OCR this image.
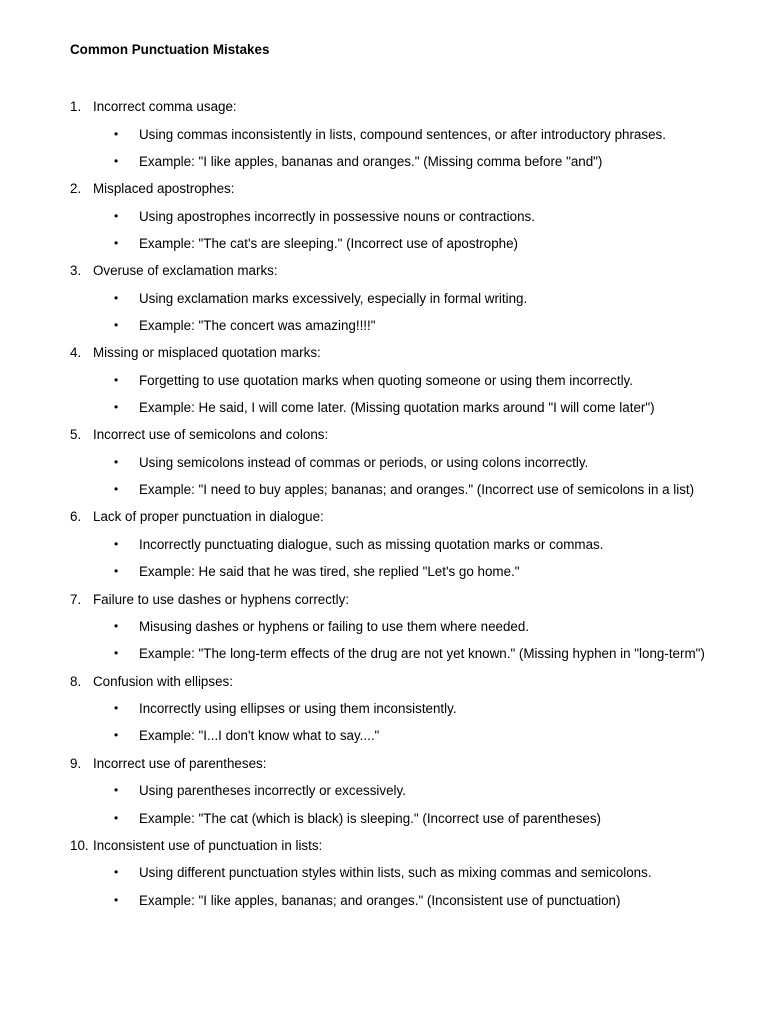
Common Punctuation Mistakes
1. Incorrect comma usage:
• Using commas inconsistently in lists, compound sentences, or after introductory phrases.
• Example: "I like apples, bananas and oranges." (Missing comma before "and")
2. Misplaced apostrophes:
• Using apostrophes incorrectly in possessive nouns or contractions.
• Example: "The cat's are sleeping." (Incorrect use of apostrophe)
3. Overuse of exclamation marks:
• Using exclamation marks excessively, especially in formal writing.
• Example: "The concert was amazing!!!!"
4. Missing or misplaced quotation marks:
• Forgetting to use quotation marks when quoting someone or using them incorrectly.
• Example: He said, I will come later. (Missing quotation marks around "I will come later")
5. Incorrect use of semicolons and colons:
• Using semicolons instead of commas or periods, or using colons incorrectly.
• Example: "I need to buy apples; bananas; and oranges." (Incorrect use of semicolons in a list)
6. Lack of proper punctuation in dialogue:
• Incorrectly punctuating dialogue, such as missing quotation marks or commas.
• Example: He said that he was tired, she replied "Let's go home."
7. Failure to use dashes or hyphens correctly:
• Misusing dashes or hyphens or failing to use them where needed.
• Example: "The long-term effects of the drug are not yet known." (Missing hyphen in "long-term")
8. Confusion with ellipses:
• Incorrectly using ellipses or using them inconsistently.
• Example: "I...I don't know what to say...."
9. Incorrect use of parentheses:
• Using parentheses incorrectly or excessively.
• Example: "The cat (which is black) is sleeping." (Incorrect use of parentheses)
10. Inconsistent use of punctuation in lists:
• Using different punctuation styles within lists, such as mixing commas and semicolons.
• Example: "I like apples, bananas; and oranges." (Inconsistent use of punctuation)
